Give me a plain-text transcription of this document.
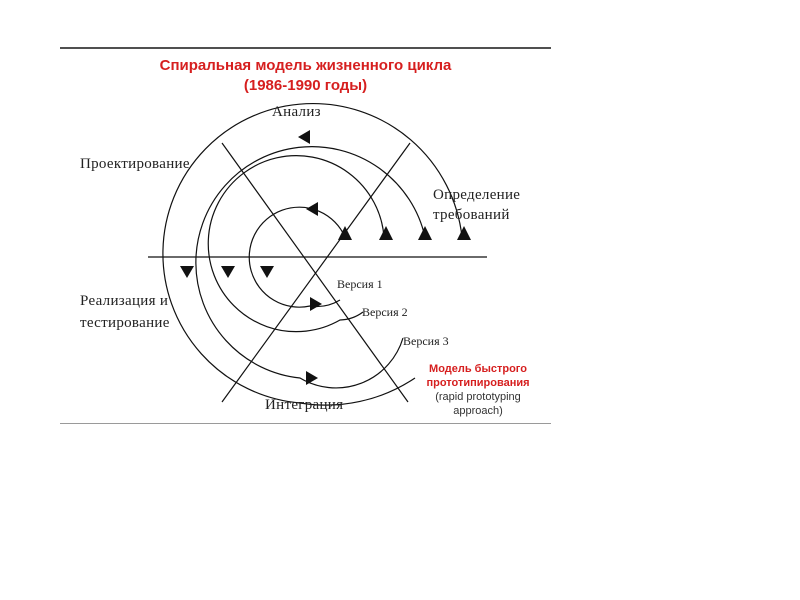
Спиральная модель жизненного цикла
(1986-1990 годы)
Анализ
Проектирование
Определение
требований
Реализация и
тестирование
Интеграция
Версия 1
Версия 2
Версия 3
Модель быстрого
прототипирования
(rapid prototyping
approach)
